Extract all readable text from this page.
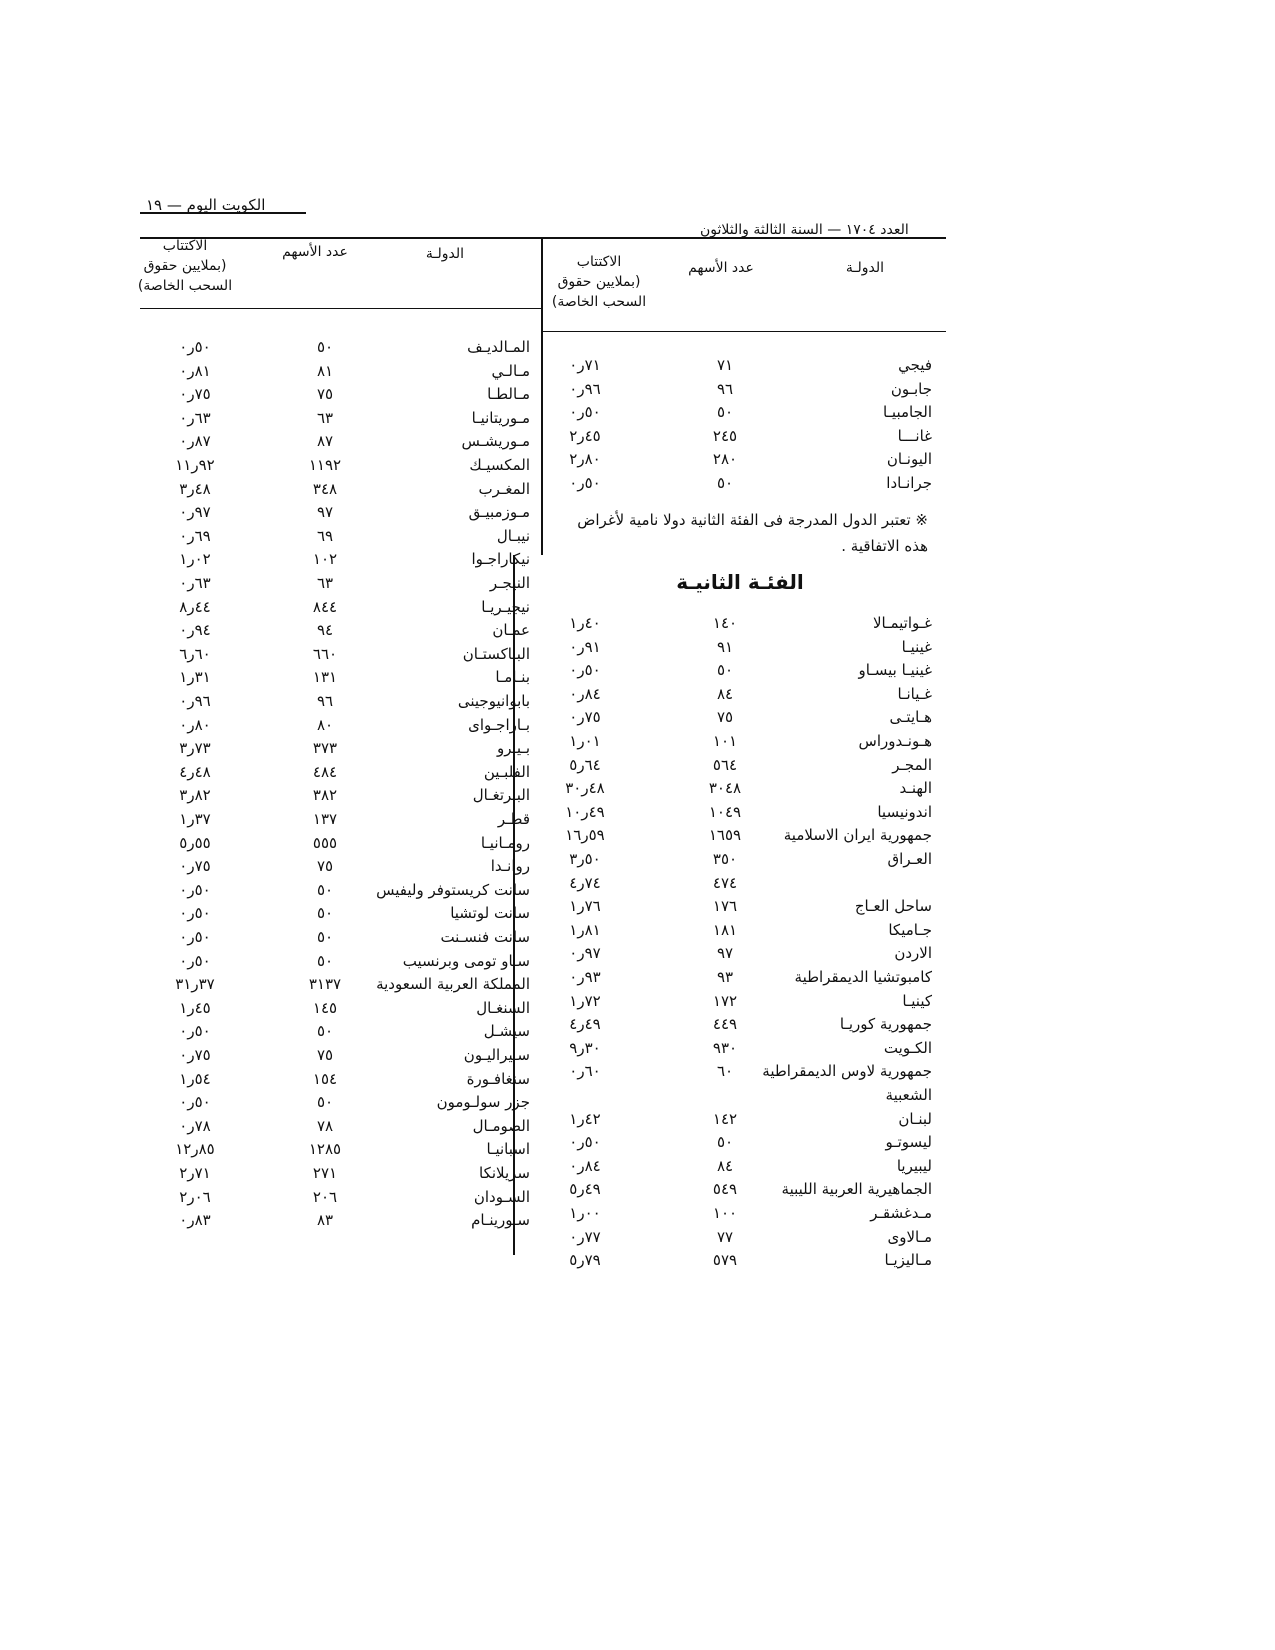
الكويت اليوم — ١٩
العدد ١٧٠٤ — السنة الثالثة والثلاثون
الدولـة
عدد الأسهم
الاكتتاب
(بملايين حقوق
السحب الخاصة)
الدولـة
عدد الأسهم
الاكتتاب
(بملايين حقوق
السحب الخاصة)
فيجي
٧١
٧١ر٠
جابـون
٩٦
٩٦ر٠
الجامبيـا
٥٠
٥٠ر٠
غانـــا
٢٤٥
٤٥ر٢
اليونـان
٢٨٠
٨٠ر٢
جرانـادا
٥٠
٥٠ر٠
※ تعتبر الدول المدرجة فى الفئة الثانية دولا نامية لأغراض
هذه الاتفاقية .
الفئـة الثانيـة
غـواتيمـالا
١٤٠
٤٠ر١
غينيـا
٩١
٩١ر٠
غينيـا بيسـاو
٥٠
٥٠ر٠
غـيانـا
٨٤
٨٤ر٠
هـايتـى
٧٥
٧٥ر٠
هـونـدوراس
١٠١
٠١ر١
المجـر
٥٦٤
٦٤ر٥
الهنـد
٣٠٤٨
٤٨ر٣٠
اندونيسيا
١٠٤٩
٤٩ر١٠
جمهورية ايران الاسلامية
١٦٥٩
٥٩ر١٦
العـراق
٣٥٠
٥٠ر٣
٤٧٤
٧٤ر٤
ساحل العـاج
١٧٦
٧٦ر١
جـاميكا
١٨١
٨١ر١
الاردن
٩٧
٩٧ر٠
كامبوتشيا الديمقراطية
٩٣
٩٣ر٠
كينيـا
١٧٢
٧٢ر١
جمهورية كوريـا
٤٤٩
٤٩ر٤
الكـويت
٩٣٠
٣٠ر٩
جمهورية لاوس الديمقراطية
٦٠
٦٠ر٠
الشعبية
لبنـان
١٤٢
٤٢ر١
ليسوتـو
٥٠
٥٠ر٠
ليبيريا
٨٤
٨٤ر٠
الجماهيرية العربية الليبية
٥٤٩
٤٩ر٥
مـدغشقـر
١٠٠
٠٠ر١
مـالاوى
٧٧
٧٧ر٠
مـاليزيـا
٥٧٩
٧٩ر٥
المـالديـف
٥٠
٥٠ر٠
مـالـي
٨١
٨١ر٠
مـالطـا
٧٥
٧٥ر٠
مـوريتانيـا
٦٣
٦٣ر٠
مـوريشـس
٨٧
٨٧ر٠
المكسيـك
١١٩٢
٩٢ر١١
المغـرب
٣٤٨
٤٨ر٣
مـوزمبيـق
٩٧
٩٧ر٠
نيبـال
٦٩
٦٩ر٠
نيكاراجـوا
١٠٢
٠٢ر١
النيجـر
٦٣
٦٣ر٠
نيجيـريـا
٨٤٤
٤٤ر٨
عمـان
٩٤
٩٤ر٠
البـاكستـان
٦٦٠
٦٠ر٦
بنـامـا
١٣١
٣١ر١
بابوانيوجينى
٩٦
٩٦ر٠
بـاراجـواى
٨٠
٨٠ر٠
بـيـرو
٣٧٣
٧٣ر٣
الفلبـين
٤٨٤
٤٨ر٤
البـرتغـال
٣٨٢
٨٢ر٣
قطـر
١٣٧
٣٧ر١
رومـانيـا
٥٥٥
٥٥ر٥
روانـدا
٧٥
٧٥ر٠
سانت كريستوفر وليفيس
٥٠
٥٠ر٠
سانت لوتشيا
٥٠
٥٠ر٠
سانت فنسـنت
٥٠
٥٠ر٠
سـاو تومى وبرنسيب
٥٠
٥٠ر٠
المملكة العربية السعودية
٣١٣٧
٣٧ر٣١
السنغـال
١٤٥
٤٥ر١
سيشـل
٥٠
٥٠ر٠
سـيراليـون
٧٥
٧٥ر٠
سنغافـورة
١٥٤
٥٤ر١
جزر سولـومون
٥٠
٥٠ر٠
الصومـال
٧٨
٧٨ر٠
اسبانيـا
١٢٨٥
٨٥ر١٢
سريلانكا
٢٧١
٧١ر٢
السـودان
٢٠٦
٠٦ر٢
سـورينـام
٨٣
٨٣ر٠
